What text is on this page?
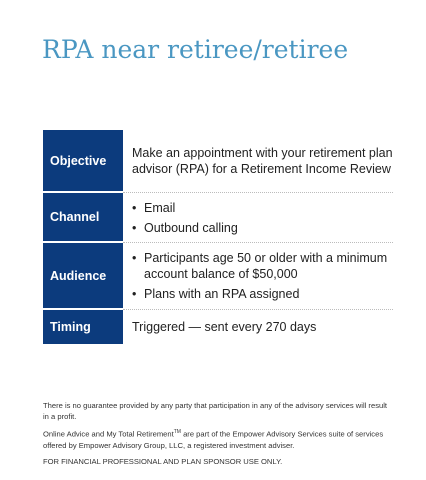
RPA near retiree/retiree
Objective
Make an appointment with your retirement plan advisor (RPA) for a Retirement Income Review
Channel
• Email
• Outbound calling
Audience
• Participants age 50 or older with a minimum account balance of $50,000
• Plans with an RPA assigned
Timing	Triggered — sent every 270 days

There is no guarantee provided by any party that participation in any of the advisory services will result in a profit.

Online Advice and My Total Retirement™ are part of the Empower Advisory Services suite of services offered by Empower Advisory Group, LLC, a registered investment adviser.

FOR FINANCIAL PROFESSIONAL AND PLAN SPONSOR USE ONLY.
